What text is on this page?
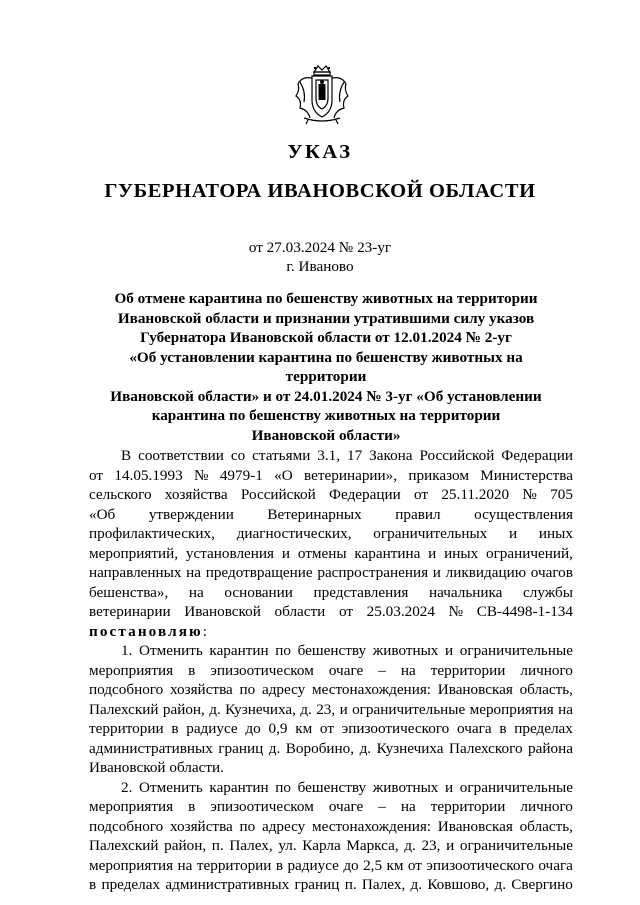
УКАЗ
ГУБЕРНАТОРА ИВАНОВСКОЙ ОБЛАСТИ
от 27.03.2024 № 23-уг
г. Иваново
Об отмене карантина по бешенству животных на территории
Ивановской области и признании утратившими силу указов
Губернатора Ивановской области от 12.01.2024 № 2-уг
«Об установлении карантина по бешенству животных на территории
Ивановской области» и от 24.01.2024 № 3-уг «Об установлении
карантина по бешенству животных на территории
Ивановской области»
В соответствии со статьями 3.1, 17 Закона Российской Федерации
от 14.05.1993 № 4979-1 «О ветеринарии», приказом Министерства
сельского хозяйства Российской Федерации от 25.11.2020 № 705
«Об утверждении Ветеринарных правил осуществления
профилактических, диагностических, ограничительных и иных
мероприятий, установления и отмены карантина и иных ограничений,
направленных на предотвращение распространения и ликвидацию очагов
бешенства», на основании представления начальника службы
ветеринарии Ивановской области от 25.03.2024 № СВ-4498-1-134
постановляю:
1. Отменить карантин по бешенству животных и ограничительные
мероприятия в эпизоотическом очаге – на территории личного
подсобного хозяйства по адресу местонахождения: Ивановская область,
Палехский район, д. Кузнечиха, д. 23, и ограничительные мероприятия на
территории в радиусе до 0,9 км от эпизоотического очага в пределах
административных границ д. Воробино, д. Кузнечиха Палехского района
Ивановской области.
2. Отменить карантин по бешенству животных и ограничительные
мероприятия в эпизоотическом очаге – на территории личного
подсобного хозяйства по адресу местонахождения: Ивановская область,
Палехский район, п. Палех, ул. Карла Маркса, д. 23, и ограничительные
мероприятия на территории в радиусе до 2,5 км от эпизоотического очага
в пределах административных границ п. Палех, д. Ковшово, д. Свергино
